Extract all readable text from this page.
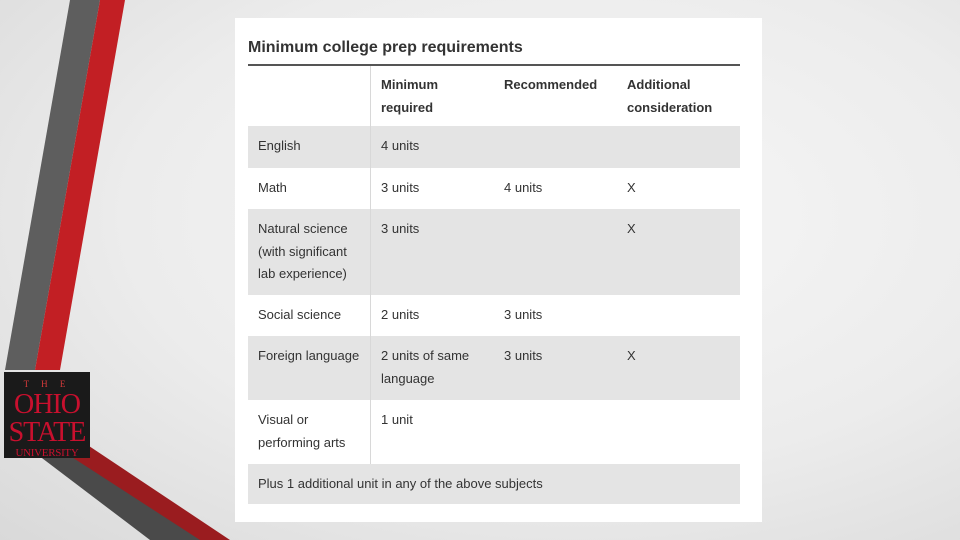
T H E
OHIO
STATE
UNIVERSITY
Minimum college prep requirements
	Minimum required	Recommended	Additional consideration
English	4 units		
Math	3 units	4 units	X
Natural science (with significant lab experience)	3 units		X
Social science	2 units	3 units	
Foreign language	2 units of same language	3 units	X
Visual or performing arts	1 unit		
Plus 1 additional unit in any of the above subjects			
